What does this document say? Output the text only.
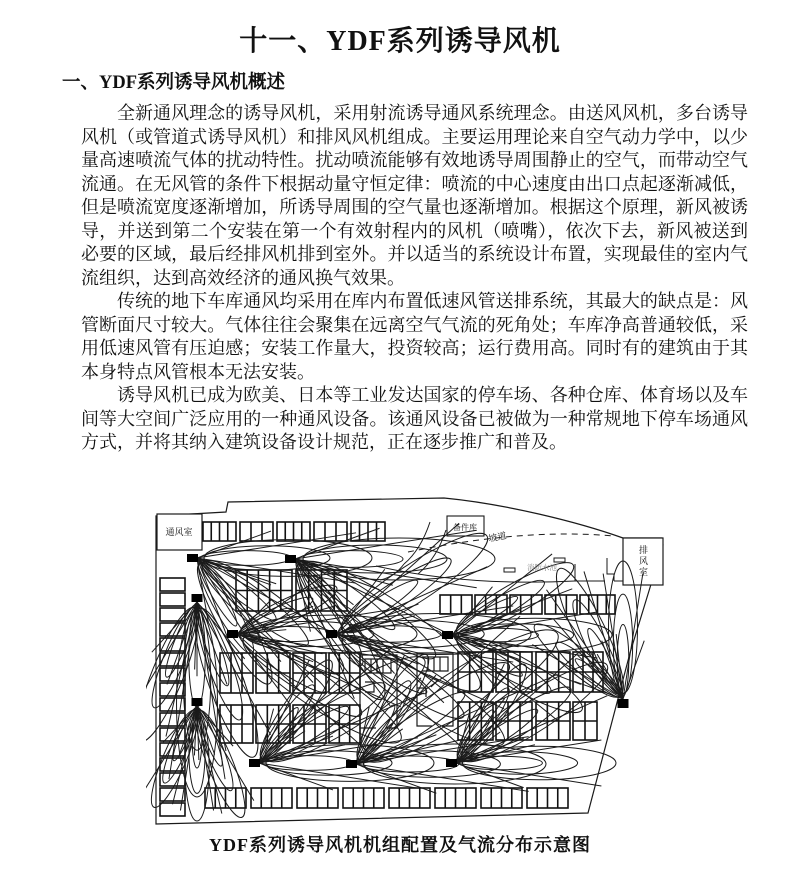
十一、YDF系列诱导风机
一、YDF系列诱导风机概述

全新通风理念的诱导风机，采用射流诱导通风系统理念。由送风风机，多台诱导风机（或管道式诱导风机）和排风风机组成。主要运用理论来自空气动力学中，以少量高速喷流气体的扰动特性。扰动喷流能够有效地诱导周围静止的空气，而带动空气流通。在无风管的条件下根据动量守恒定律：喷流的中心速度由出口点起逐渐减低，但是喷流宽度逐渐增加，所诱导周围的空气量也逐渐增加。根据这个原理，新风被诱导，并送到第二个安装在第一个有效射程内的风机（喷嘴），依次下去，新风被送到必要的区域，最后经排风机排到室外。并以适当的系统设计布置，实现最佳的室内气流组织，达到高效经济的通风换气效果。

传统的地下车库通风均采用在库内布置低速风管送排系统，其最大的缺点是：风管断面尺寸较大。气体往往会聚集在远离空气气流的死角处；车库净高普通较低，采用低速风管有压迫感；安装工作量大，投资较高；运行费用高。同时有的建筑由于其本身特点风管根本无法安装。

诱导风机已成为欧美、日本等工业发达国家的停车场、各种仓库、体育场以及车间等大空间广泛应用的一种通风设备。该通风设备已被做为一种常规地下停车场通风方式，并将其纳入建筑设备设计规范，正在逐步推广和普及。

通风室	备件库
坡道
排风室
消防水池
YDF系列诱导风机机组配置及气流分布示意图
